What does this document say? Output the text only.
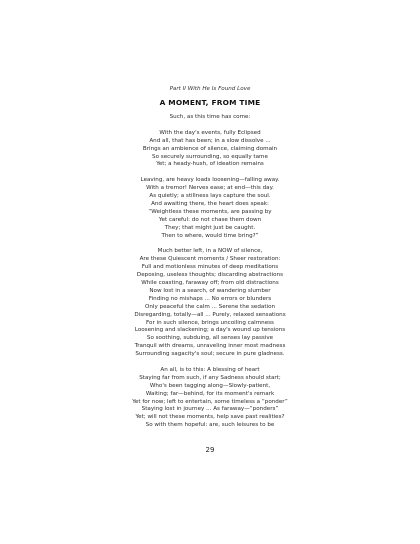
Part II With He Is Found Love
A MOMENT, FROM TIME
Such, as this time has come:
With the day's events, fully Eclipsed
And all, that has been; in a slow dissolve ...
Brings an ambience of silence, claiming domain
So securely surrounding, so equally tame
Yet; a heady-hush, of ideation remains
Leaving, are heavy loads loosening—falling away.
With a tremor! Nerves ease; at end—this day.
As quietly; a stillness lays capture the soul.
And awaiting there, the heart does speak:
“Weightless these moments, are passing by
Yet careful: do not chase them down
They; that might just be caught.
Then to where, would time bring?”
Much better left, in a NOW of silence,
Are these Quiescent moments / Sheer restoration:
Full and motionless minutes of deep meditations
Deposing, useless thoughts; discarding abstractions
While coasting, faraway off; from old distractions
Now lost in a search, of wandering slumber
Finding no mishaps ... No errors or blunders
Only peaceful the calm ... Serene the sedation
Disregarding, totally—all ... Purely, relaxed sensations
For in such silence, brings uncoiling calmness
Loosening and slackening; a day's wound up tensions
So soothing, subduing, all senses lay passive
Tranquil with dreams, unraveling inner most madness
Surrounding sagacity's soul; secure in pure gladness.
An all, is to this: A blessing of heart
Staying far from such, if any Sadness should start;
Who's been tagging along—Slowly-patient,
Waiting; far—behind, for its moment's remark
Yet for now; left to entertain, some timeless a “ponder”
Staying lost in journey ... As faraway—“ponders”
Yet; will not these moments, help save past realities?
So with them hopeful: are, such leisures to be
29
